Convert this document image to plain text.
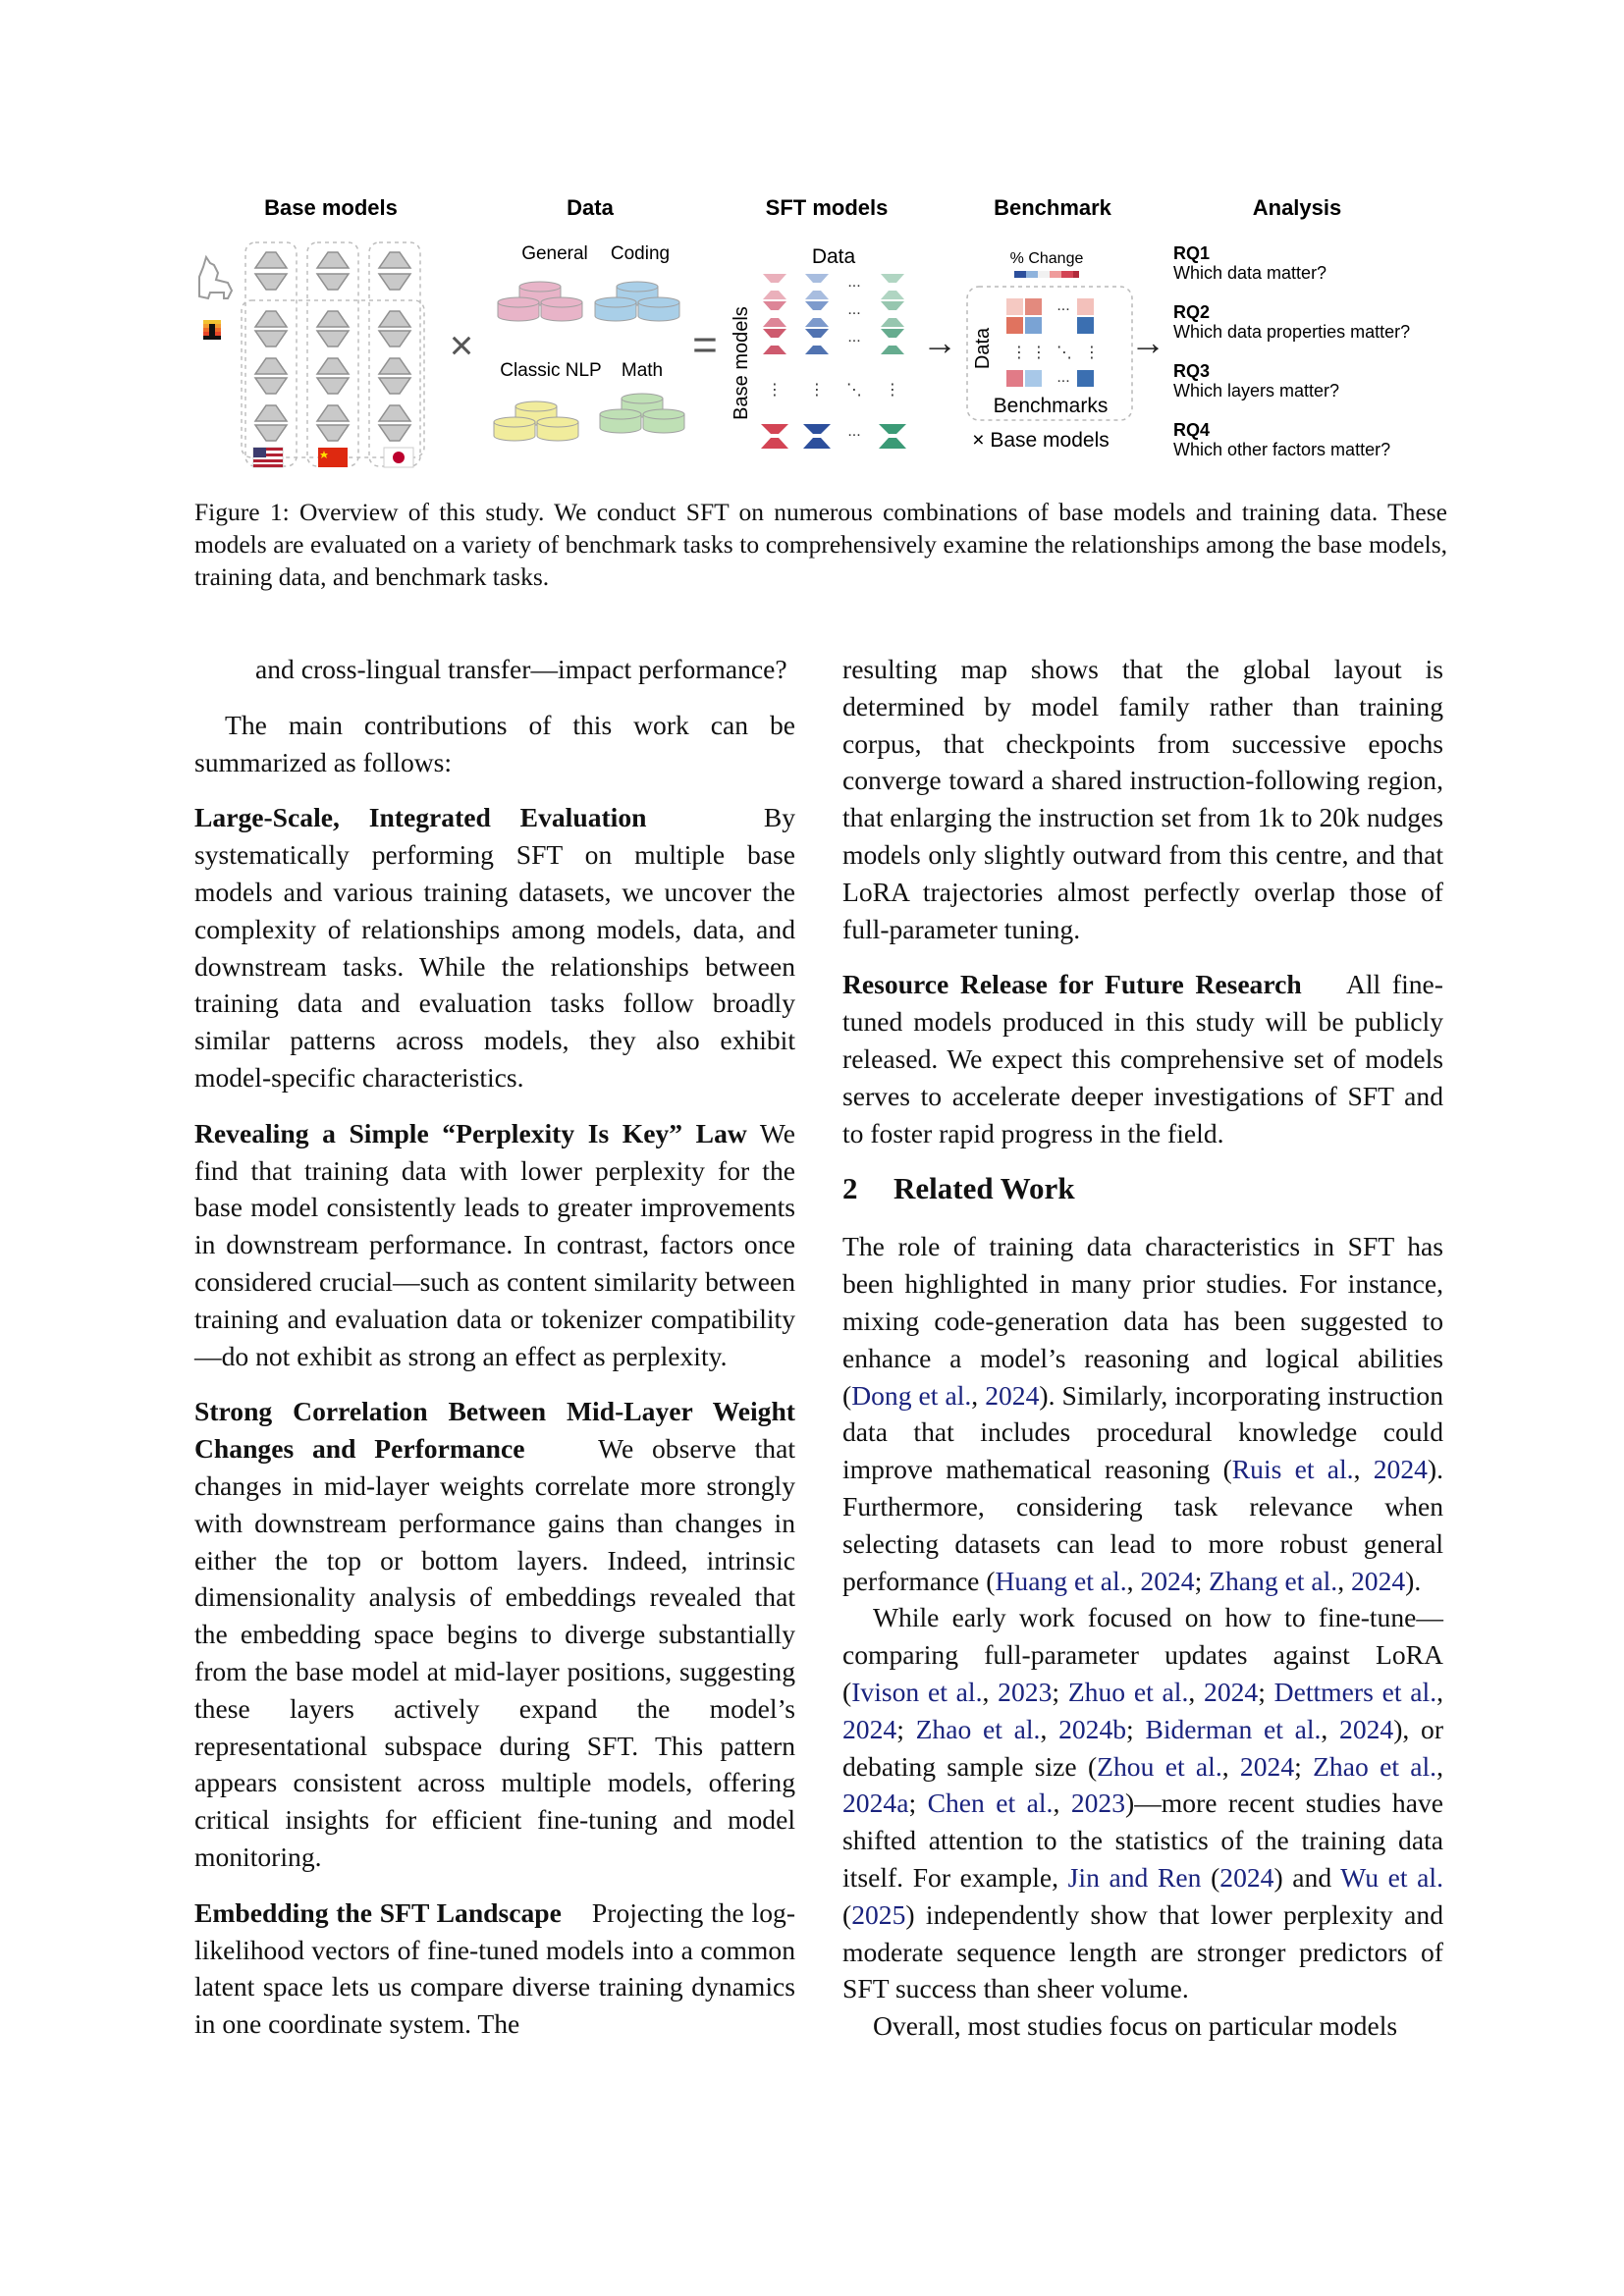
Base models	Data	SFT models	Benchmark	Analysis
×
General Coding
Classic NLP Math
=
Data
Base models
...
...
...
⋮ ⋮ ⋱ ⋮
...
→
% Change
Data
...
⋮ ⋮ ⋱ ⋮
...
Benchmarks
× Base models
→
RQ1
Which data matter?
RQ2
Which data properties matter?
RQ3
Which layers matter?
RQ4
Which other factors matter?
Figure 1: Overview of this study. We conduct SFT on numerous combinations of base models and training data. These models are evaluated on a variety of benchmark tasks to comprehensively examine the relationships among the base models, training data, and benchmark tasks.

and cross-lingual transfer—impact performance?

The main contributions of this work can be summarized as follows:

Large-Scale, Integrated Evaluation	By systematically performing SFT on multiple base models and various training datasets, we uncover the complexity of relationships among models, data, and downstream tasks. While the relationships between training data and evaluation tasks follow broadly similar patterns across models, they also exhibit model-specific characteristics.

Revealing a Simple “Perplexity Is Key” Law We find that training data with lower perplexity for the base model consistently leads to greater improvements in downstream performance. In contrast, factors once considered crucial—such as content similarity between training and evaluation data or tokenizer compatibility—do not exhibit as strong an effect as perplexity.

Strong Correlation Between Mid-Layer Weight Changes and Performance	We observe that changes in mid-layer weights correlate more strongly with downstream performance gains than changes in either the top or bottom layers. Indeed, intrinsic dimensionality analysis of embeddings revealed that the embedding space begins to diverge substantially from the base model at mid-layer positions, suggesting these layers actively expand the model’s representational subspace during SFT. This pattern appears consistent across multiple models, offering critical insights for efficient fine-tuning and model monitoring.

Embedding the SFT Landscape Projecting the log-likelihood vectors of fine-tuned models into a common latent space lets us compare diverse training dynamics in one coordinate system. The

resulting map shows that the global layout is determined by model family rather than training corpus, that checkpoints from successive epochs converge toward a shared instruction-following region, that enlarging the instruction set from 1k to 20k nudges models only slightly outward from this centre, and that LoRA trajectories almost perfectly overlap those of full-parameter tuning.

Resource Release for Future Research All fine-tuned models produced in this study will be publicly released. We expect this comprehensive set of models serves to accelerate deeper investigations of SFT and to foster rapid progress in the field.

2 Related Work

The role of training data characteristics in SFT has been highlighted in many prior studies. For instance, mixing code-generation data has been suggested to enhance a model’s reasoning and logical abilities (Dong et al., 2024). Similarly, incorporating instruction data that includes procedural knowledge could improve mathematical reasoning (Ruis et al., 2024). Furthermore, considering task relevance when selecting datasets can lead to more robust general performance (Huang et al., 2024; Zhang et al., 2024).

While early work focused on how to fine-tune—comparing full-parameter updates against LoRA (Ivison et al., 2023; Zhuo et al., 2024; Dettmers et al., 2024; Zhao et al., 2024b; Biderman et al., 2024), or debating sample size (Zhou et al., 2024; Zhao et al., 2024a; Chen et al., 2023)—more recent studies have shifted attention to the statistics of the training data itself. For example, Jin and Ren (2024) and Wu et al. (2025) independently show that lower perplexity and moderate sequence length are stronger predictors of SFT success than sheer volume.

Overall, most studies focus on particular models
